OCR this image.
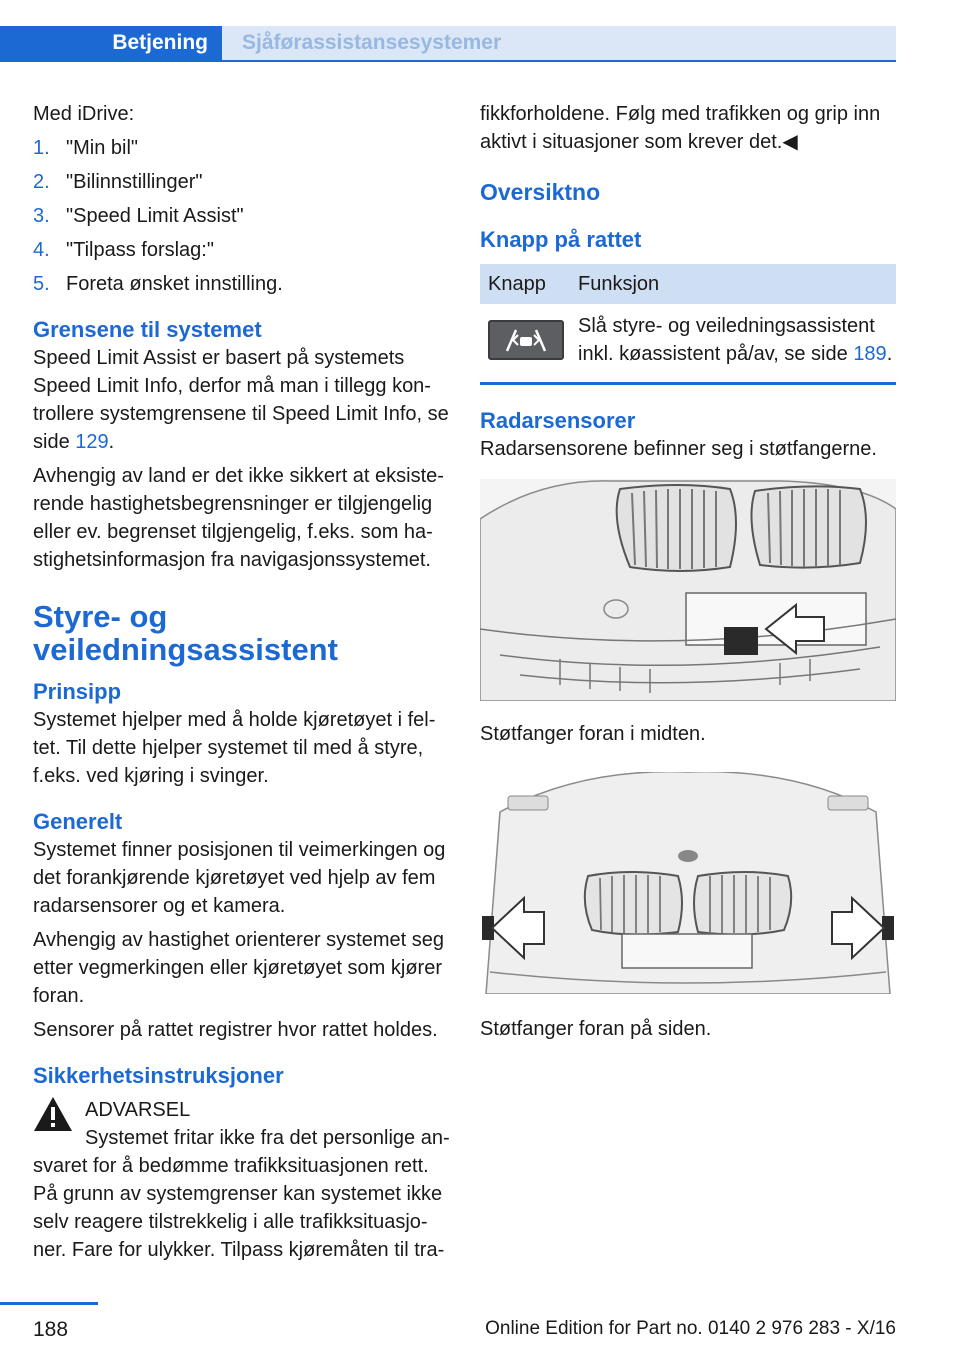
Betjening	Sjåførassistansesystemer

Med iDrive:

1. "Min bil"
2. "Bilinnstillinger"
3. "Speed Limit Assist"
4. "Tilpass forslag:"
5. Foreta ønsket innstilling.
Grensene til systemet

Speed Limit Assist er basert på systemets Speed Limit Info, derfor må man i tillegg kon-trollere systemgrensene til Speed Limit Info, se side 129.

Avhengig av land er det ikke sikkert at eksiste-rende hastighetsbegrensninger er tilgjengelig eller ev. begrenset tilgjengelig, f.eks. som ha-stighetsinformasjon fra navigasjonssystemet.

Styre- og veiledningsassistent
Prinsipp

Systemet hjelper med å holde kjøretøyet i fel-tet. Til dette hjelper systemet til med å styre, f.eks. ved kjøring i svinger.

Generelt

Systemet finner posisjonen til veimerkingen og det forankjørende kjøretøyet ved hjelp av fem radarsensorer og et kamera.

Avhengig av hastighet orienterer systemet seg etter vegmerkingen eller kjøretøyet som kjører foran.

Sensorer på rattet registrer hvor rattet holdes.

Sikkerhetsinstruksjoner

ADVARSEL

Systemet fritar ikke fra det personlige an-

svaret for å bedømme trafikksituasjonen rett. På grunn av systemgrenser kan systemet ikke selv reagere tilstrekkelig i alle trafikksituasjo-ner. Fare for ulykker. Tilpass kjøremåten til tra-

fikkforholdene. Følg med trafikken og grip inn aktivt i situasjoner som krever det.◀

Oversiktno
Knapp på rattet
Knapp	Funksjon

	Slå styre- og veiledningsassistent inkl. køassistent på/av, se side 189.
Radarsensorer

Radarsensorene befinner seg i støtfangerne.

Støtfanger foran i midten.

Støtfanger foran på siden.

188	Online Edition for Part no. 0140 2 976 283 - X/16
